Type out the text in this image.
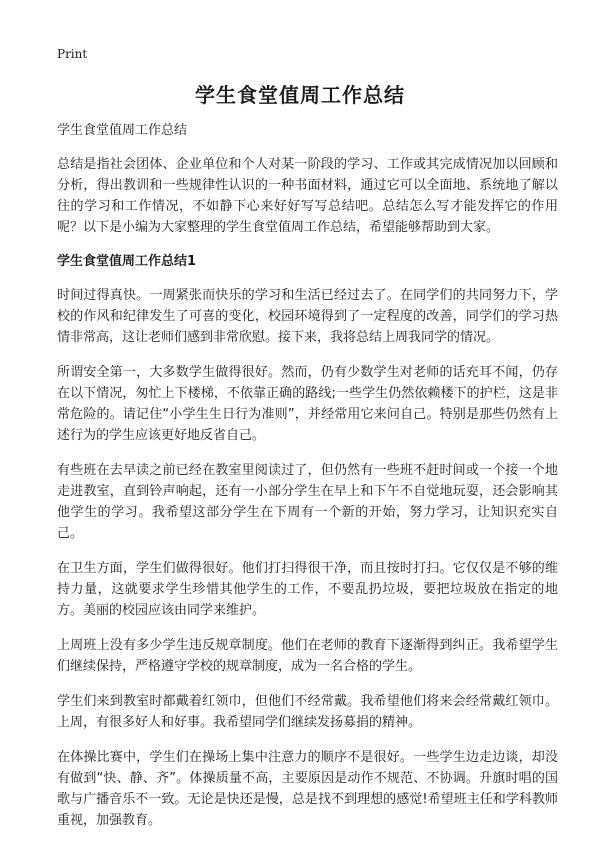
Print
学生食堂值周工作总结

学生食堂值周工作总结

总结是指社会团体、企业单位和个人对某一阶段的学习、工作或其完成情况加以回顾和分析，得出教训和一些规律性认识的一种书面材料，通过它可以全面地、系统地了解以往的学习和工作情况，不如静下心来好好写写总结吧。总结怎么写才能发挥它的作用呢？以下是小编为大家整理的学生食堂值周工作总结，希望能够帮助到大家。

学生食堂值周工作总结1

时间过得真快。一周紧张而快乐的学习和生活已经过去了。在同学们的共同努力下，学校的作风和纪律发生了可喜的变化，校园环境得到了一定程度的改善，同学们的学习热情非常高，这让老师们感到非常欣慰。接下来，我将总结上周我同学的情况。

所谓安全第一，大多数学生做得很好。然而，仍有少数学生对老师的话充耳不闻，仍存在以下情况，匆忙上下楼梯，不依靠正确的路线;一些学生仍然依赖楼下的护栏，这是非常危险的。请记住“小学生生日行为准则”，并经常用它来问自己。特别是那些仍然有上述行为的学生应该更好地反省自己。

有些班在去早读之前已经在教室里阅读过了，但仍然有一些班不赶时间或一个接一个地走进教室，直到铃声响起，还有一小部分学生在早上和下午不自觉地玩耍，还会影响其他学生的学习。我希望这部分学生在下周有一个新的开始，努力学习，让知识充实自己。

在卫生方面，学生们做得很好。他们打扫得很干净，而且按时打扫。它仅仅是不够的维持力量，这就要求学生珍惜其他学生的工作，不要乱扔垃圾，要把垃圾放在指定的地方。美丽的校园应该由同学来维护。

上周班上没有多少学生违反规章制度。他们在老师的教育下逐渐得到纠正。我希望学生们继续保持，严格遵守学校的规章制度，成为一名合格的学生。

学生们来到教室时都戴着红领巾，但他们不经常戴。我希望他们将来会经常戴红领巾。上周，有很多好人和好事。我希望同学们继续发扬募捐的精神。

在体操比赛中，学生们在操场上集中注意力的顺序不是很好。一些学生边走边谈，却没有做到“快、静、齐”。体操质量不高，主要原因是动作不规范、不协调。升旗时唱的国歌与广播音乐不一致。无论是快还是慢，总是找不到理想的感觉!希望班主任和学科教师重视，加强教育。
